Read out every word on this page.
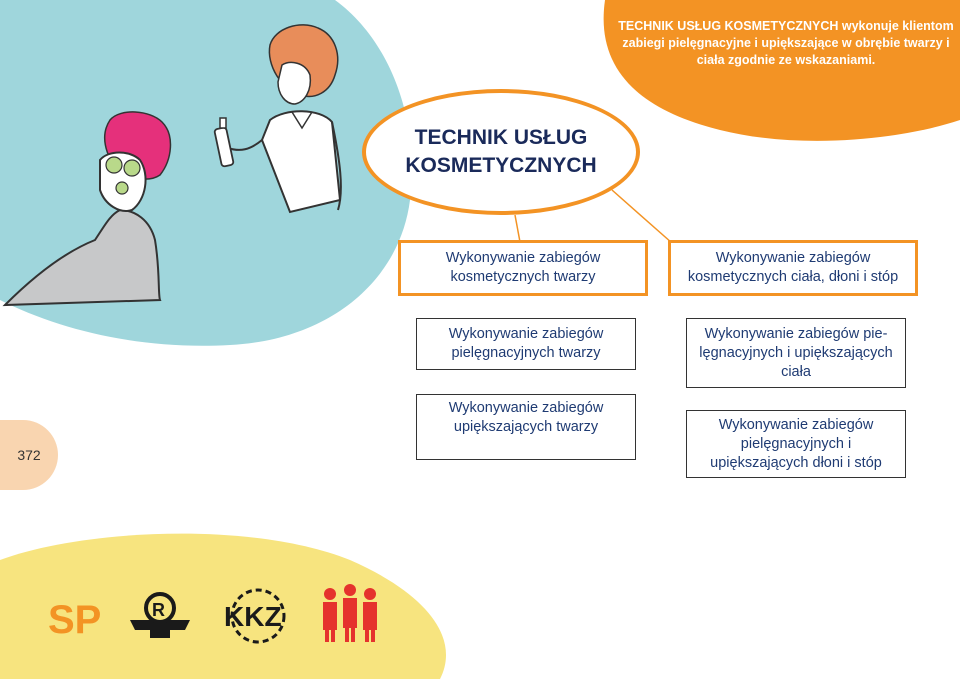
SP	R KKZ
TECHNIK USŁUG KOSMETYCZNYCH wykonuje klientom zabiegi pielęgnacyjne i upiększające w obrębie twarzy i ciała zgodnie ze wskazaniami.
TECHNIK USŁUG KOSMETYCZNYCH
Wykonywanie zabiegów kosmetycznych twarzy
Wykonywanie zabiegów kosmetycznych ciała, dłoni i stóp
Wykonywanie zabiegów pielęgnacyjnych twarzy
Wykonywanie zabiegów upiększających twarzy
Wykonywanie zabiegów pie-lęgnacyjnych i upiększających ciała
Wykonywanie zabiegów pielęgnacyjnych i upiększających dłoni i stóp
372
